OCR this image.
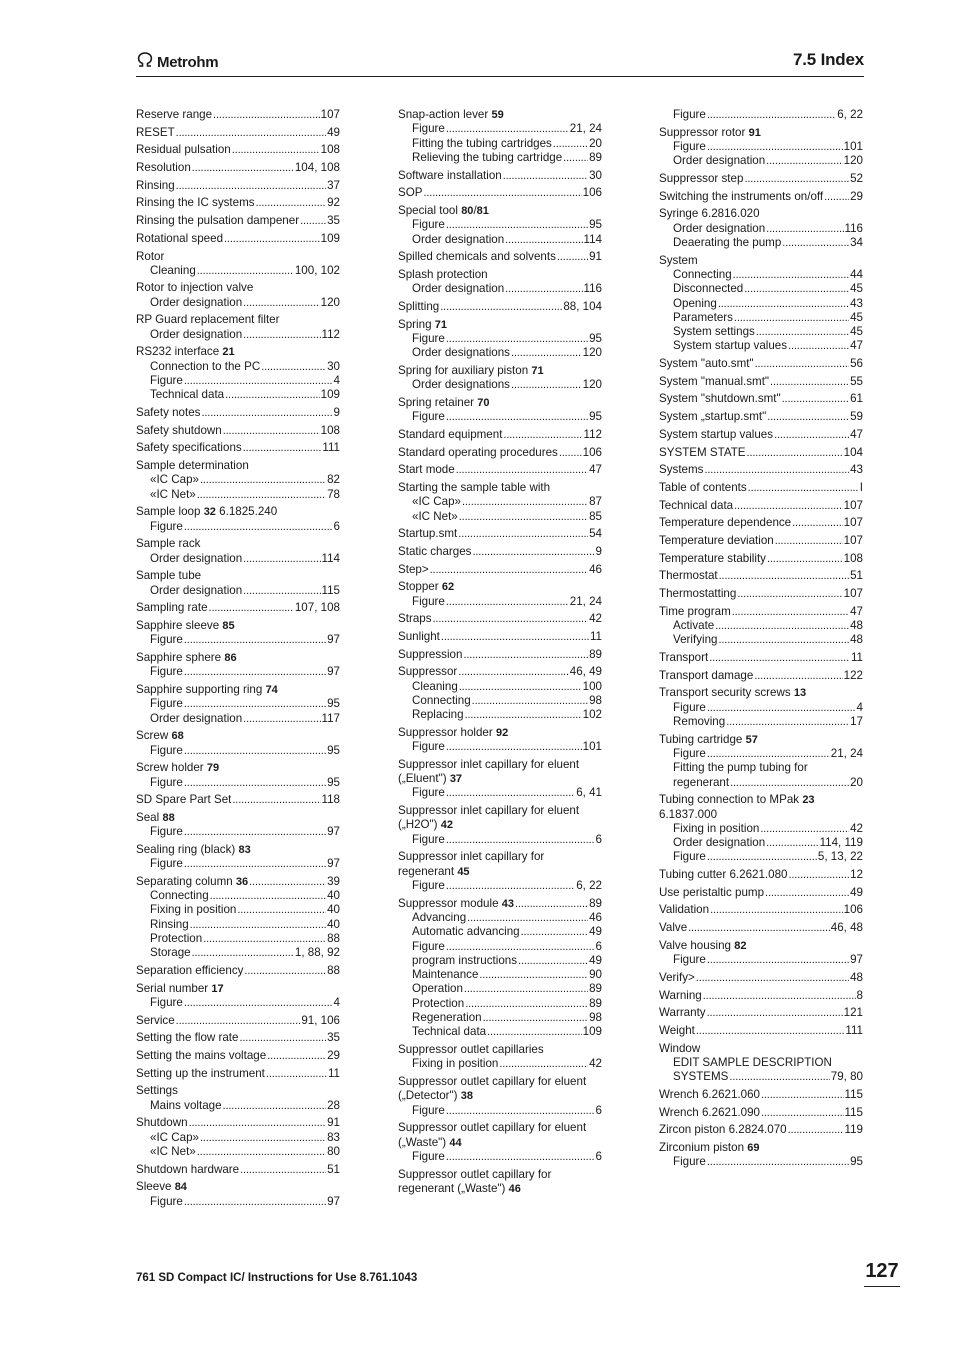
Metrohm	7.5 Index
Reserve range . . .	107
RESET . . .	49
Residual pulsation . . .	108
Resolution . . .	104, 108
Rinsing . . .	37
Rinsing the IC systems . . .	92
Rinsing the pulsation dampener . . . 35
Rotational speed . . .	109
Rotor
Cleaning . . .	100, 102
Rotor to injection valve
Order designation . . .	120
RP Guard replacement filter
Order designation . . .	112
RS232 interface 21
Connection to the PC . . .	30
Figure . . .	4
Technical data . . .	109
Safety notes . . .	9
Safety shutdown . . .	108
Safety specifications . . .	111
Sample determination
«IC Cap» . . .	82
«IC Net» . . .	78
Sample loop 32 6.1825.240
Figure . . .	6
Sample rack
Order designation . . .	114
Sample tube
Order designation . . .	115
Sampling rate . . .	107, 108
Sapphire sleeve 85
Figure . . .	97
Sapphire sphere 86
Figure . . .	97
Sapphire supporting ring 74
Figure . . .	95
Order designation . . .	117
Screw 68
Figure . . .	95
Screw holder 79
Figure . . .	95
SD Spare Part Set . . .	118
Seal 88
Figure . . .	97
Sealing ring (black) 83
Figure . . .	97
Separating column 36 . . .	39
Connecting . . .	40
Fixing in position . . .	40
Rinsing . . .	40
Protection . . .	88
Storage . . .	1, 88, 92
Separation efficiency . . .	88
Serial number 17
Figure . . .	4
Service . . .	91, 106
Setting the flow rate . . .	35
Setting the mains voltage . . .	29
Setting up the instrument . . .	11
Settings
Mains voltage . . .	28
Shutdown . . .	91
«IC Cap» . . .	83
«IC Net» . . .	80
Shutdown hardware . . .	51
Sleeve 84
Figure . . .	97
Snap-action lever 59
Figure . . .	21, 24
Fitting the tubing cartridges . . .	20
Relieving the tubing cartridge . . . 89
Software installation . . .	30
SOP . . .	106
Special tool 80/81
Figure . . .	95
Order designation . . .	114
Spilled chemicals and solvents . . .	91
Splash protection
Order designation . . .	116
Splitting . . .	88, 104
Spring 71
Figure . . .	95
Order designations . . .	120
Spring for auxiliary piston 71
Order designations . . .	120
Spring retainer 70
Figure . . .	95
Standard equipment . . .	112
Standard operating procedures . . . 106
Start mode . . .	47
Starting the sample table with
«IC Cap» . . .	87
«IC Net» . . .	85
Startup.smt . . .	54
Static charges . . .	9
Step> . . .	46
Stopper 62
Figure . . .	21, 24
Straps . . .	42
Sunlight . . .	11
Suppression . . .	89
Suppressor . . .	46, 49
Cleaning . . .	100
Connecting . . .	98
Replacing . . .	102
Suppressor holder 92
Figure . . .	101
Suppressor inlet capillary for eluent
(„Eluent") 37
Figure . . .	6, 41
Suppressor inlet capillary for eluent
(„H2O") 42
Figure . . .	6
Suppressor inlet capillary for
regenerant 45
Figure . . .	6, 22
Suppressor module 43 . . .	89
Advancing . . .	46
Automatic advancing . . .	49
Figure . . .	6
program instructions . . .	49
Maintenance . . .	90
Operation . . .	89
Protection . . .	89
Regeneration . . .	98
Technical data . . .	109
Suppressor outlet capillaries
Fixing in position . . .	42
Suppressor outlet capillary for eluent
(„Detector") 38
Figure . . .	6
Suppressor outlet capillary for eluent
(„Waste") 44
Figure . . .	6
Suppressor outlet capillary for
regenerant („Waste") 46
Figure . . .	6, 22
Suppressor rotor 91
Figure . . .	101
Order designation . . .	120
Suppressor step . . .	52
Switching the instruments on/off . . . 29
Syringe 6.2816.020
Order designation . . .	116
Deaerating the pump . . .	34
System
Connecting . . .	44
Disconnected . . .	45
Opening . . .	43
Parameters . . .	45
System settings . . .	45
System startup values . . .	47
System "auto.smt" . . .	56
System "manual.smt" . . .	55
System "shutdown.smt" . . .	61
System „startup.smt" . . .	59
System startup values . . .	47
SYSTEM STATE . . .	104
Systems . . .	43
Table of contents . . .	I
Technical data . . .	107
Temperature dependence . . .	107
Temperature deviation . . .	107
Temperature stability . . .	108
Thermostat . . .	51
Thermostatting . . .	107
Time program . . .	47
Activate . . .	48
Verifying . . .	48
Transport . . .	11
Transport damage . . .	122
Transport security screws 13
Figure . . .	4
Removing . . .	17
Tubing cartridge 57
Figure . . .	21, 24
Fitting the pump tubing for
regenerant . . .	20
Tubing connection to MPak 23
6.1837.000
Fixing in position . . .	42
Order designation . . .	114, 119
Figure . . .	5, 13, 22
Tubing cutter 6.2621.080 . . .	12
Use peristaltic pump . . .	49
Validation . . .	106
Valve . . .	46, 48
Valve housing 82
Figure . . .	97
Verify> . . .	48
Warning . . .	8
Warranty . . .	121
Weight . . .	111
Window
EDIT SAMPLE DESCRIPTION
SYSTEMS . . .	79, 80
Wrench 6.2621.060 . . .	115
Wrench 6.2621.090 . . .	115
Zircon piston 6.2824.070 . . .	119
Zirconium piston 69
Figure . . .	95
761 SD Compact IC/ Instructions for Use 8.761.1043	127
